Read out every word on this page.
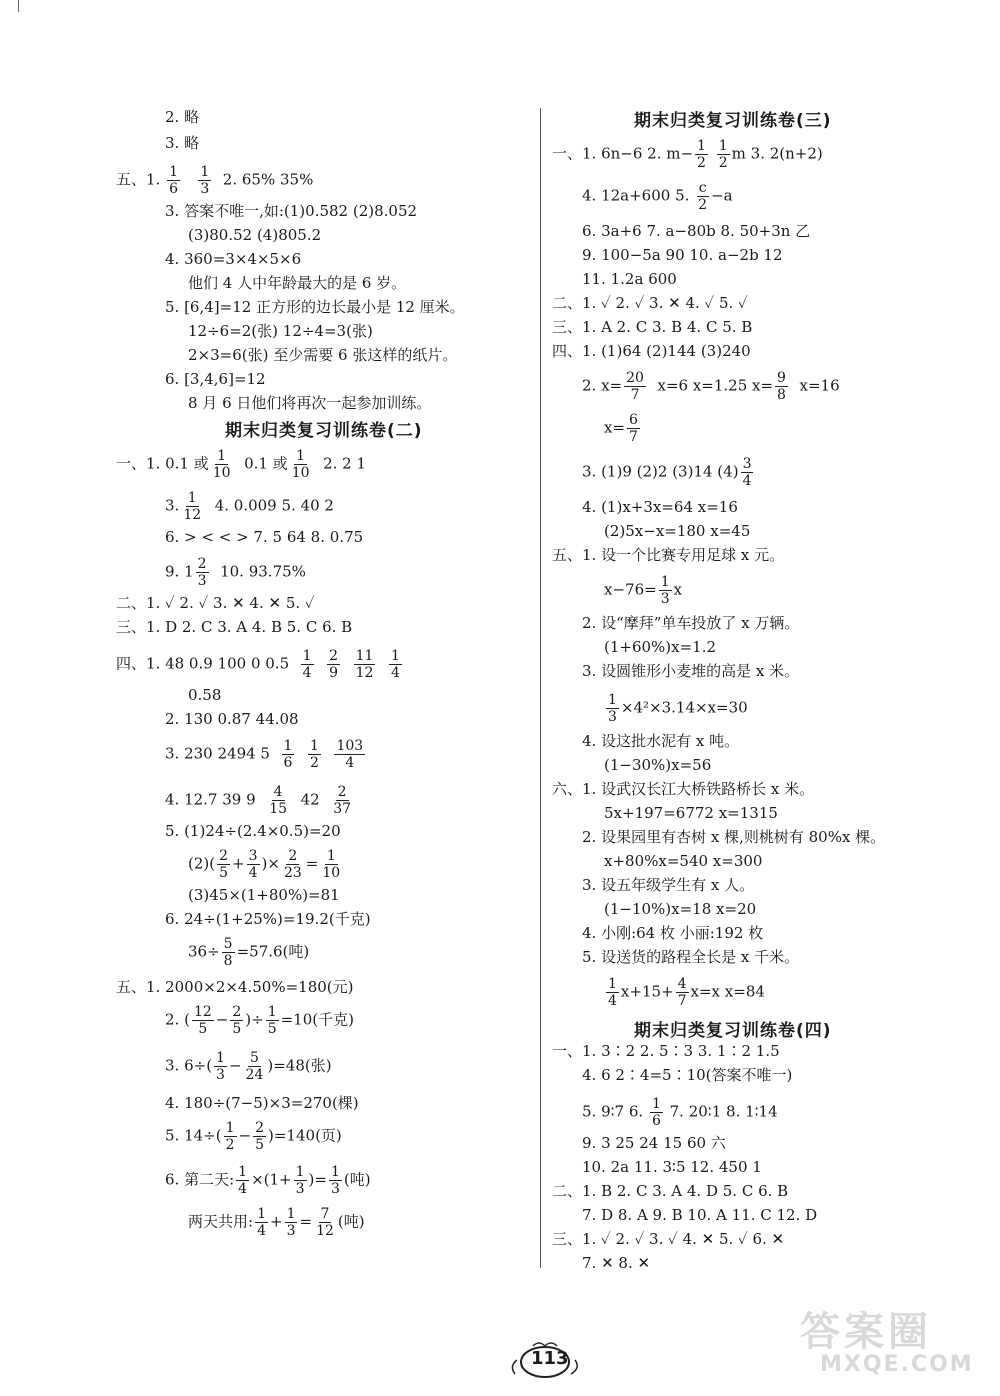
2. 略
3. 略
五、1. $\frac{1}{6}$
$\frac{1}{3} 2$. 65% 35%
3. 答案不唯一,如:(1)0.582 (2)8.052
(3)80.52 (4)805.2
4. 360=3×4×5×6
他们 4 人中年龄最大的是 6 岁。
5. [6,4]=12 正方形的边长最小是 12 厘米。
12÷6=2(张) 12÷4=3(张)
2×3=6(张) 至少需要 6 张这样的纸片。
6. [3,4,6]=12
8 月 6 日他们将再次一起参加训练。
期末归类复习训练卷(二)
一、1. 0.1 或 $\frac{1}{10} 0.1$ 或 $\frac{1}{10} 2$. 2 1
3. $\frac{1}{12} 4$. 0.009 5. 40 2
6. > < < > 7. 5 64 8. 0.75
9. $1 \frac{2}{3} 10$. 93.75%
二、1. ✓ 2. ✓ 3. ✕ 4. ✕ 5. ✓
三、1. D 2. C 3. A 4. B 5. C 6. B
四、1. 48 0.9 100 0 $0.5 \frac{1}{4}$
$\frac{2}{9}$
$\frac{11}{12}$
$\frac{1}{4}$
0.58
2. 130 0.87 44.08
3. 230 2494 $5 \frac{1}{6}$
$\frac{1}{2}$
$\frac{103}{4}$
4. 12.7 39 $9 \frac{4}{15} 42 \frac{2}{37}$
5. (1)24÷(2.4×0.5)=20
$(2)( \frac{2}{5} + \frac{3}{4}$ )× $\frac{2}{23} = \frac{1}{10}$
(3)45×(1+80%)=81
6. 24÷(1+25%)=19.2(千克)
$36\div \frac{5}{8} =57.6$(吨)
五、1. 2000×2×4.50%=180(元)
2. ( $\frac{12}{5} - \frac{2}{5}$ )÷ $\frac{1}{5} =10$(千克)
3. $6\div( \frac{1}{3} - \frac{5}{24} )=48$(张)
4. 180÷(7−5)×3=270(棵)
5. $14\div( \frac{1}{2} - \frac{2}{5} )=140$(页)
6. 第二天: $\frac{1}{4} \times(1+ \frac{1}{3}$ )= $\frac{1}{3}$ (吨)
两天共用: $\frac{1}{4} + \frac{1}{3} = \frac{7}{12}$ (吨)
期末归类复习训练卷(三)
一、1. 6n−6 2. $m- \frac{1}{2}$
$\frac{1}{2}$ m 3. 2(n+2)
4. 12a+600 5. $\frac{c}{2} -a$
6. 3a+6 7. a−80b 8. 50+3n 乙
9. 100−5a 90 10. a−2b 12
11. 1.2a 600
二、1. ✓ 2. ✓ 3. ✕ 4. ✓ 5. ✓
三、1. A 2. C 3. B 4. C 5. B
四、1. (1)64 (2)144 (3)240
2. $x= \frac{20}{7} x=6$ x=1.25 $x= \frac{9}{8} x=16$
$x= \frac{6}{7}$
3. (1)9 (2)2 (3)14 $(4) \frac{3}{4}$
4. (1)x+3x=64 x=16
(2)5x−x=180 x=45
五、1. 设一个比赛专用足球 x 元。
$x-76= \frac{1}{3}$ x
2. 设“摩拜”单车投放了 x 万辆。
(1+60%)x=1.2
3. 设圆锥形小麦堆的高是 x 米。
$\frac{1}{3} \times 4^2\times 3.14\times x=30$
4. 设这批水泥有 x 吨。
(1−30%)x=56
六、1. 设武汉长江大桥铁路桥长 x 米。
5x+197=6772 x=1315
2. 设果园里有杏树 x 棵,则桃树有 80%x 棵。
x+80%x=540 x=300
3. 设五年级学生有 x 人。
(1−10%)x=18 x=20
4. 小刚:64 枚 小丽:192 枚
5. 设送货的路程全长是 x 千米。
$\frac{1}{4} x+15+ \frac{4}{7} x=x$ x=84
期末归类复习训练卷(四)
一、1. 3∶2 2. 5∶3 3. 1∶2 1.5
4. 6 2∶4=5∶10(答案不唯一)
5. 9∶7 6. $\frac{1}{6} 7$. 20∶1 8. 1∶14
9. 3 25 24 15 60 六
10. 2a 11. 3∶5 12. 450 1
二、1. B 2. C 3. A 4. D 5. C 6. B
7. D 8. A 9. B 10. A 11. C 12. D
三、1. ✓ 2. ✓ 3. ✓ 4. ✕ 5. ✓ 6. ✕
7. ✕ 8. ✕
113
答案圈
MXQE.COM
